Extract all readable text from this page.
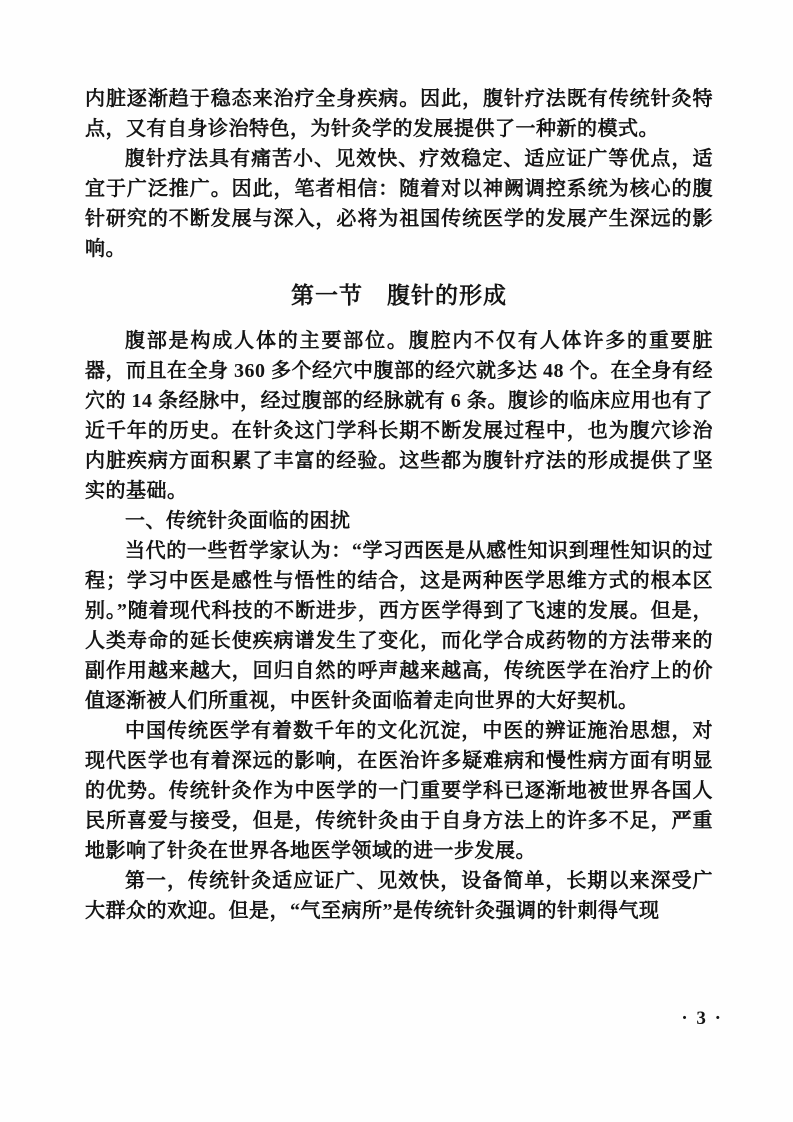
内脏逐渐趋于稳态来治疗全身疾病。因此，腹针疗法既有传统针灸特点，又有自身诊治特色，为针灸学的发展提供了一种新的模式。
腹针疗法具有痛苦小、见效快、疗效稳定、适应证广等优点，适宜于广泛推广。因此，笔者相信：随着对以神阙调控系统为核心的腹针研究的不断发展与深入，必将为祖国传统医学的发展产生深远的影响。
第一节　腹针的形成
腹部是构成人体的主要部位。腹腔内不仅有人体许多的重要脏器，而且在全身 360 多个经穴中腹部的经穴就多达 48 个。在全身有经穴的 14 条经脉中，经过腹部的经脉就有 6 条。腹诊的临床应用也有了近千年的历史。在针灸这门学科长期不断发展过程中，也为腹穴诊治内脏疾病方面积累了丰富的经验。这些都为腹针疗法的形成提供了坚实的基础。
一、传统针灸面临的困扰
当代的一些哲学家认为：“学习西医是从感性知识到理性知识的过程；学习中医是感性与悟性的结合，这是两种医学思维方式的根本区别。”随着现代科技的不断进步，西方医学得到了飞速的发展。但是，人类寿命的延长使疾病谱发生了变化，而化学合成药物的方法带来的副作用越来越大，回归自然的呼声越来越高，传统医学在治疗上的价值逐渐被人们所重视，中医针灸面临着走向世界的大好契机。
中国传统医学有着数千年的文化沉淀，中医的辨证施治思想，对现代医学也有着深远的影响，在医治许多疑难病和慢性病方面有明显的优势。传统针灸作为中医学的一门重要学科已逐渐地被世界各国人民所喜爱与接受，但是，传统针灸由于自身方法上的许多不足，严重地影响了针灸在世界各地医学领域的进一步发展。
第一，传统针灸适应证广、见效快，设备简单，长期以来深受广大群众的欢迎。但是，“气至病所”是传统针灸强调的针刺得气现
· 3 ·
